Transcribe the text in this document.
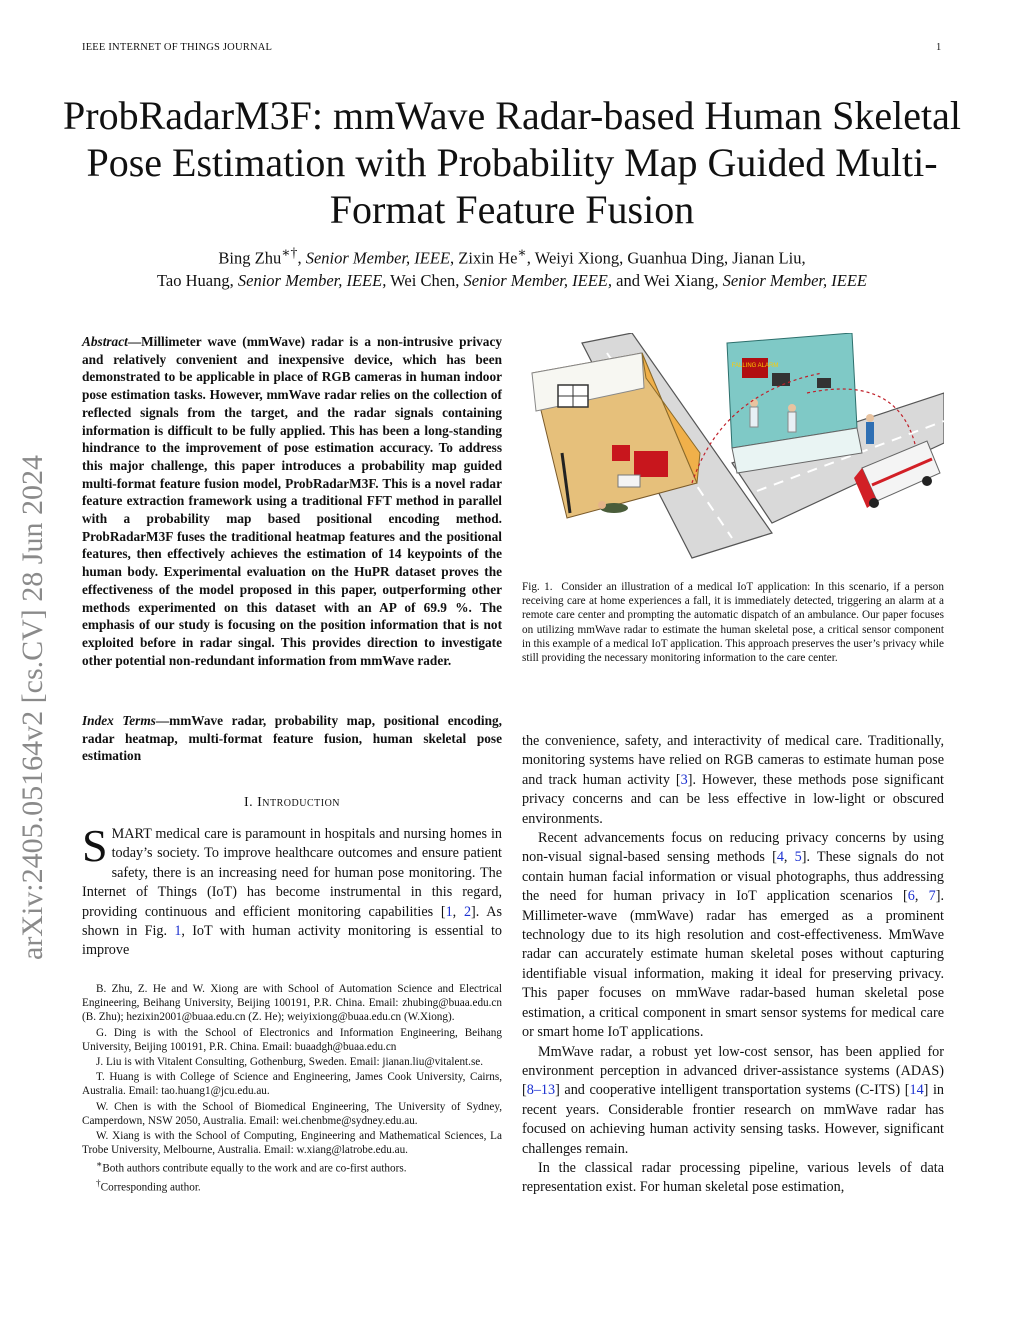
IEEE INTERNET OF THINGS JOURNAL	1
ProbRadarM3F: mmWave Radar-based Human Skeletal Pose Estimation with Probability Map Guided Multi-Format Feature Fusion
Bing Zhu∗†, Senior Member, IEEE, Zixin He∗, Weiyi Xiong, Guanhua Ding, Jianan Liu,
Tao Huang, Senior Member, IEEE, Wei Chen, Senior Member, IEEE, and Wei Xiang, Senior Member, IEEE
arXiv:2405.05164v2 [cs.CV] 28 Jun 2024
Abstract—Millimeter wave (mmWave) radar is a non-intrusive privacy and relatively convenient and inexpensive device, which has been demonstrated to be applicable in place of RGB cameras in human indoor pose estimation tasks. However, mmWave radar relies on the collection of reflected signals from the target, and the radar signals containing information is difficult to be fully applied. This has been a long-standing hindrance to the improvement of pose estimation accuracy. To address this major challenge, this paper introduces a probability map guided multi-format feature fusion model, ProbRadarM3F. This is a novel radar feature extraction framework using a traditional FFT method in parallel with a probability map based positional encoding method. ProbRadarM3F fuses the traditional heatmap features and the positional features, then effectively achieves the estimation of 14 keypoints of the human body. Experimental evaluation on the HuPR dataset proves the effectiveness of the model proposed in this paper, outperforming other methods experimented on this dataset with an AP of 69.9 %. The emphasis of our study is focusing on the position information that is not exploited before in radar singal. This provides direction to investigate other potential non-redundant information from mmWave rader.
Index Terms—mmWave radar, probability map, positional encoding, radar heatmap, multi-format feature fusion, human skeletal pose estimation
I. Introduction
SMART medical care is paramount in hospitals and nursing homes in today’s society. To improve healthcare outcomes and ensure patient safety, there is an increasing need for human pose monitoring. The Internet of Things (IoT) has become instrumental in this regard, providing continuous and efficient monitoring capabilities [1, 2]. As shown in Fig. 1, IoT with human activity monitoring is essential to improve

B. Zhu, Z. He and W. Xiong are with School of Automation Science and Electrical Engineering, Beihang University, Beijing 100191, P.R. China. Email: zhubing@buaa.edu.cn (B. Zhu); hezixin2001@buaa.edu.cn (Z. He); weiyixiong@buaa.edu.cn (W.Xiong).

G. Ding is with the School of Electronics and Information Engineering, Beihang University, Beijing 100191, P.R. China. Email: buaadgh@buaa.edu.cn

J. Liu is with Vitalent Consulting, Gothenburg, Sweden. Email: jianan.liu@vitalent.se.

T. Huang is with College of Science and Engineering, James Cook University, Cairns, Australia. Email: tao.huang1@jcu.edu.au.

W. Chen is with the School of Biomedical Engineering, The University of Sydney, Camperdown, NSW 2050, Australia. Email: wei.chenbme@sydney.edu.au.

W. Xiang is with the School of Computing, Engineering and Mathematical Sciences, La Trobe University, Melbourne, Australia. Email: w.xiang@latrobe.edu.au.

∗Both authors contribute equally to the work and are co-first authors.

†Corresponding author.

FALLING ALARM
Fig. 1. Consider an illustration of a medical IoT application: In this scenario, if a person receiving care at home experiences a fall, it is immediately detected, triggering an alarm at a remote care center and prompting the automatic dispatch of an ambulance. Our paper focuses on utilizing mmWave radar to estimate the human skeletal pose, a critical sensor component in this example of a medical IoT application. This approach preserves the user’s privacy while still providing the necessary monitoring information to the care center.

the convenience, safety, and interactivity of medical care. Traditionally, monitoring systems have relied on RGB cameras to estimate human pose and track human activity [3]. However, these methods pose significant privacy concerns and can be less effective in low-light or obscured environments.

Recent advancements focus on reducing privacy concerns by using non-visual signal-based sensing methods [4, 5]. These signals do not contain human facial information or visual photographs, thus addressing the need for human privacy in IoT application scenarios [6, 7]. Millimeter-wave (mmWave) radar has emerged as a prominent technology due to its high resolution and cost-effectiveness. MmWave radar can accurately estimate human skeletal poses without capturing identifiable visual information, making it ideal for preserving privacy. This paper focuses on mmWave radar-based human skeletal pose estimation, a critical component in smart sensor systems for medical care or smart home IoT applications.

MmWave radar, a robust yet low-cost sensor, has been applied for environment perception in advanced driver-assistance systems (ADAS) [8–13] and cooperative intelligent transportation systems (C-ITS) [14] in recent years. Considerable frontier research on mmWave radar has focused on achieving human activity sensing tasks. However, significant challenges remain.

In the classical radar processing pipeline, various levels of data representation exist. For human skeletal pose estimation,
